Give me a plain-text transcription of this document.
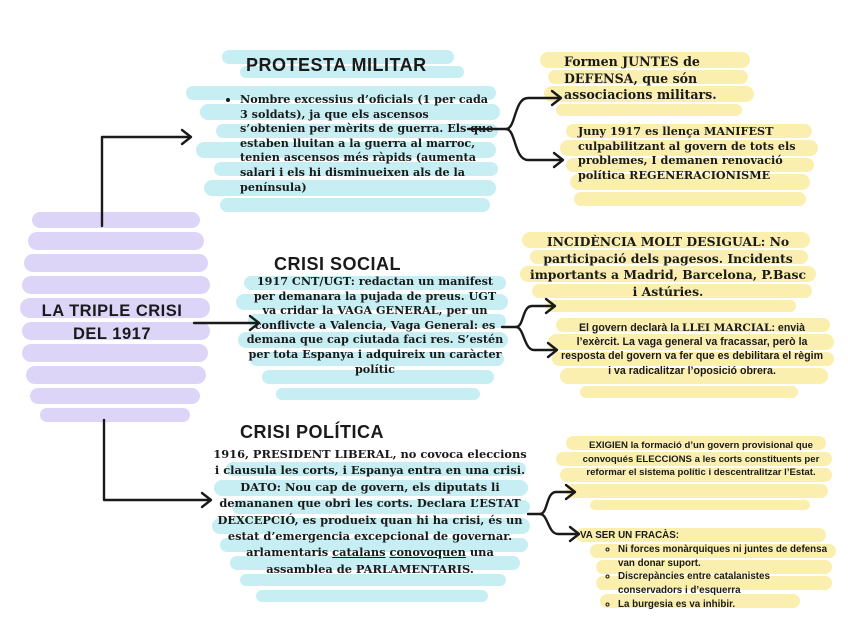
LA TRIPLE CRISI
DEL 1917
PROTESTA MILITAR
• Nombre excessius d’oficials (1 per cada 3 soldats), ja que els ascensos s’obtenien per mèrits de guerra. Els que estaben lluitan a la guerra al marroc, tenien ascensos més ràpids (aumenta salari i els hi disminueixen als de la península)
Formen JUNTES de DEFENSA, que són associacions militars.
Juny 1917 es llença MANIFEST culpabilitzant al govern de tots els problemes, I demanen renovació política REGENERACIONISME
CRISI SOCIAL
1917 CNT/UGT: redactan un manifest per demanara la pujada de preus. UGT va cridar la VAGA GENERAL, per un conflivcte a Valencia, Vaga General: es demana que cap ciutada faci res. S’estén per tota Espanya i adquireix un caràcter polític
INCIDÈNCIA MOLT DESIGUAL: No participació dels pagesos. Incidents importants a Madrid, Barcelona, P.Basc i Astúries.
El govern declarà la LLEI MARCIAL: envià l’exèrcit. La vaga general va fracassar, però la resposta del govern va fer que es debilitara el règim i va radicalitzar l’oposició obrera.
CRISI POLÍTICA
1916, PRESIDENT LIBERAL, no covoca eleccions i clausula les corts, i Espanya entra en una crisi. DATO: Nou cap de govern, els diputats li demananen que obri les corts. Declara L’ESTAT DEXCEPCIÓ, es produeix quan hi ha crisi, és un estat d’emergencia excepcional de governar. arlamentaris catalans conovoquen una assamblea de PARLAMENTARIS.
EXIGIEN la formació d’un govern provisional que convoqués ELECCIONS a les corts constituents per reformar el sistema polític i descentralitzar l’Estat.
VA SER UN FRACÀS:
◦ Ni forces monàrquiques ni juntes de defensa van donar suport.
◦ Discrepàncies entre catalanistes conservadors i d’esquerra
◦ La burgesia es va inhibir.
